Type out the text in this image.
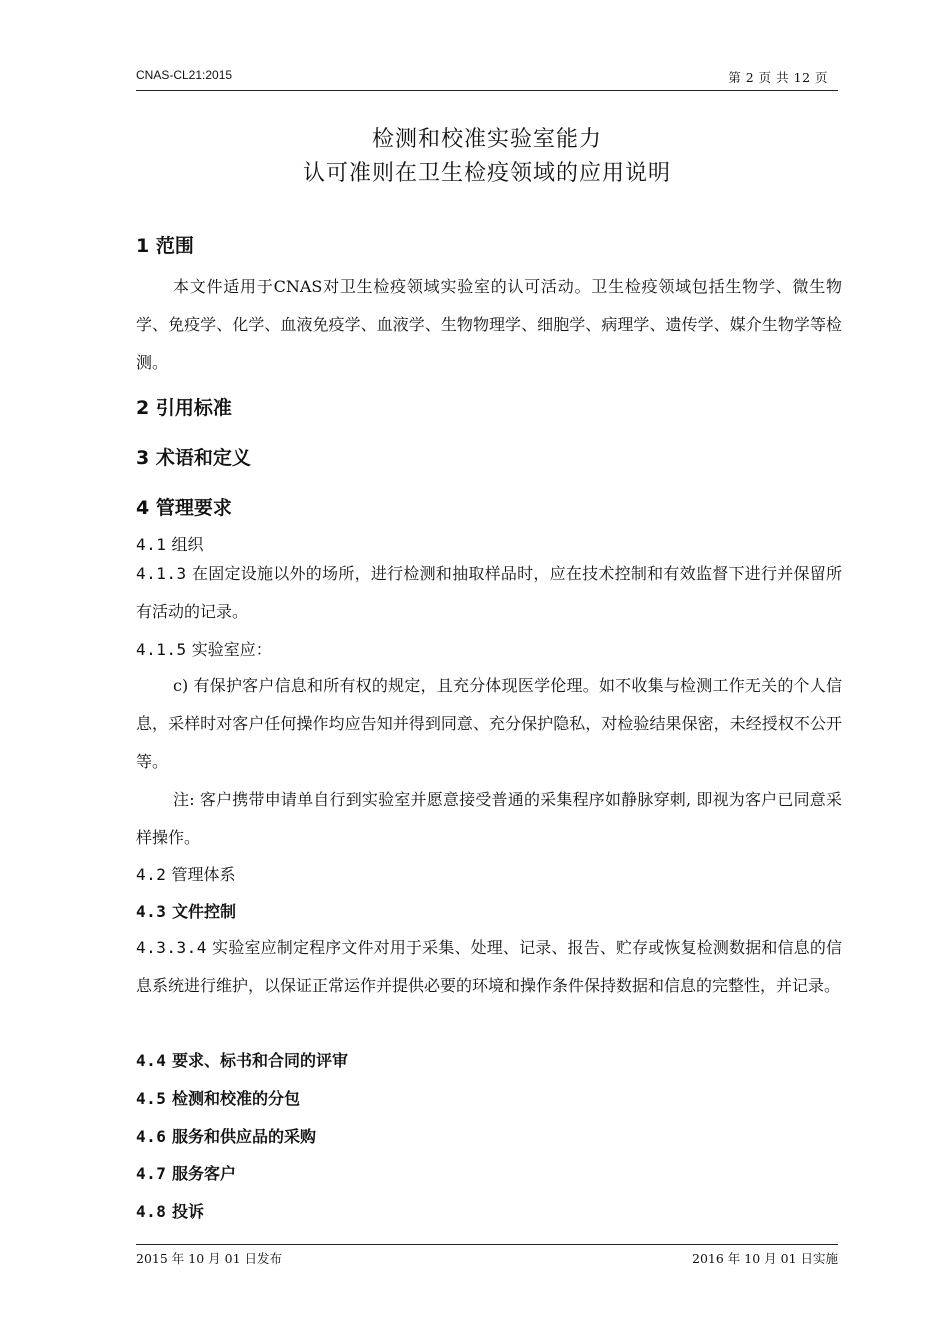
CNAS-CL21:2015	第 2 页 共 12 页
检测和校准实验室能力
认可准则在卫生检疫领域的应用说明
1 范围
本文件适用于CNAS对卫生检疫领域实验室的认可活动。卫生检疫领域包括生物学、微生物学、免疫学、化学、血液免疫学、血液学、生物物理学、细胞学、病理学、遗传学、媒介生物学等检测。
2 引用标准
3 术语和定义
4 管理要求
4.1 组织
4.1.3 在固定设施以外的场所，进行检测和抽取样品时，应在技术控制和有效监督下进行并保留所有活动的记录。
4.1.5 实验室应：
c) 有保护客户信息和所有权的规定，且充分体现医学伦理。如不收集与检测工作无关的个人信息，采样时对客户任何操作均应告知并得到同意、充分保护隐私，对检验结果保密，未经授权不公开等。
注: 客户携带申请单自行到实验室并愿意接受普通的采集程序如静脉穿刺, 即视为客户已同意采样操作。
4.2 管理体系
4.3 文件控制
4.3.3.4 实验室应制定程序文件对用于采集、处理、记录、报告、贮存或恢复检测数据和信息的信息系统进行维护，以保证正常运作并提供必要的环境和操作条件保持数据和信息的完整性，并记录。
4.4 要求、标书和合同的评审
4.5 检测和校准的分包
4.6 服务和供应品的采购
4.7 服务客户
4.8 投诉
2015 年 10 月 01 日发布	2016 年 10 月 01 日实施
